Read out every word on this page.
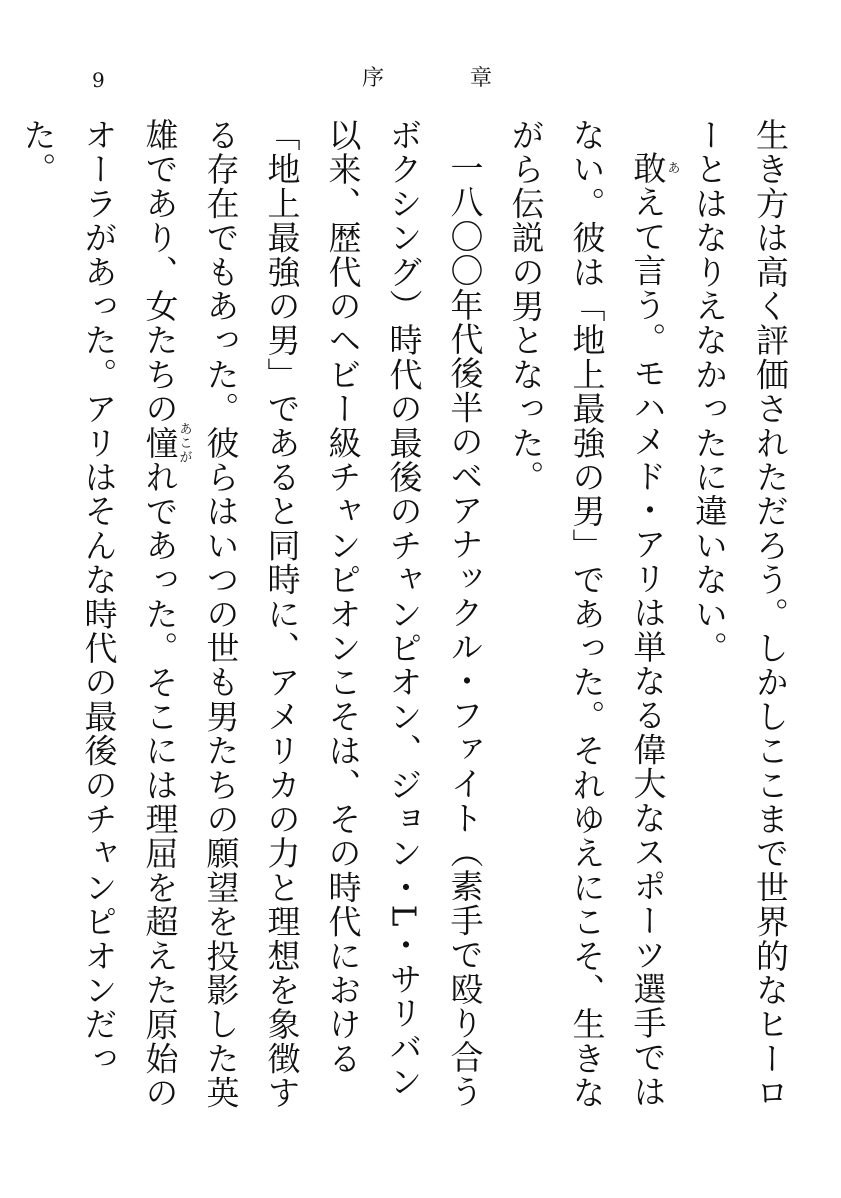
9	序	章

生き方は高く評価されただろう。しかしここまで世界的なヒーローとはなりえなかったに違いない。

敢あえて言う。モハメド・アリは単なる偉大なスポーツ選手ではない。彼は「地上最強の男」であった。それゆえにこそ、生きながら伝説の男となった。

一八〇〇年代後半のベアナックル・ファイト（素手で殴り合うボクシング）時代の最後のチャンピオン、ジョン・L・サリバン以来、歴代のヘビー級チャンピオンこそは、その時代における「地上最強の男」であると同時に、アメリカの力と理想を象徴する存在でもあった。彼らはいつの世も男たちの願望を投影した英雄であり、女たちの憧あこがれであった。そこには理屈を超えた原始のオーラがあった。アリはそんな時代の最後のチャンピオンだった。
